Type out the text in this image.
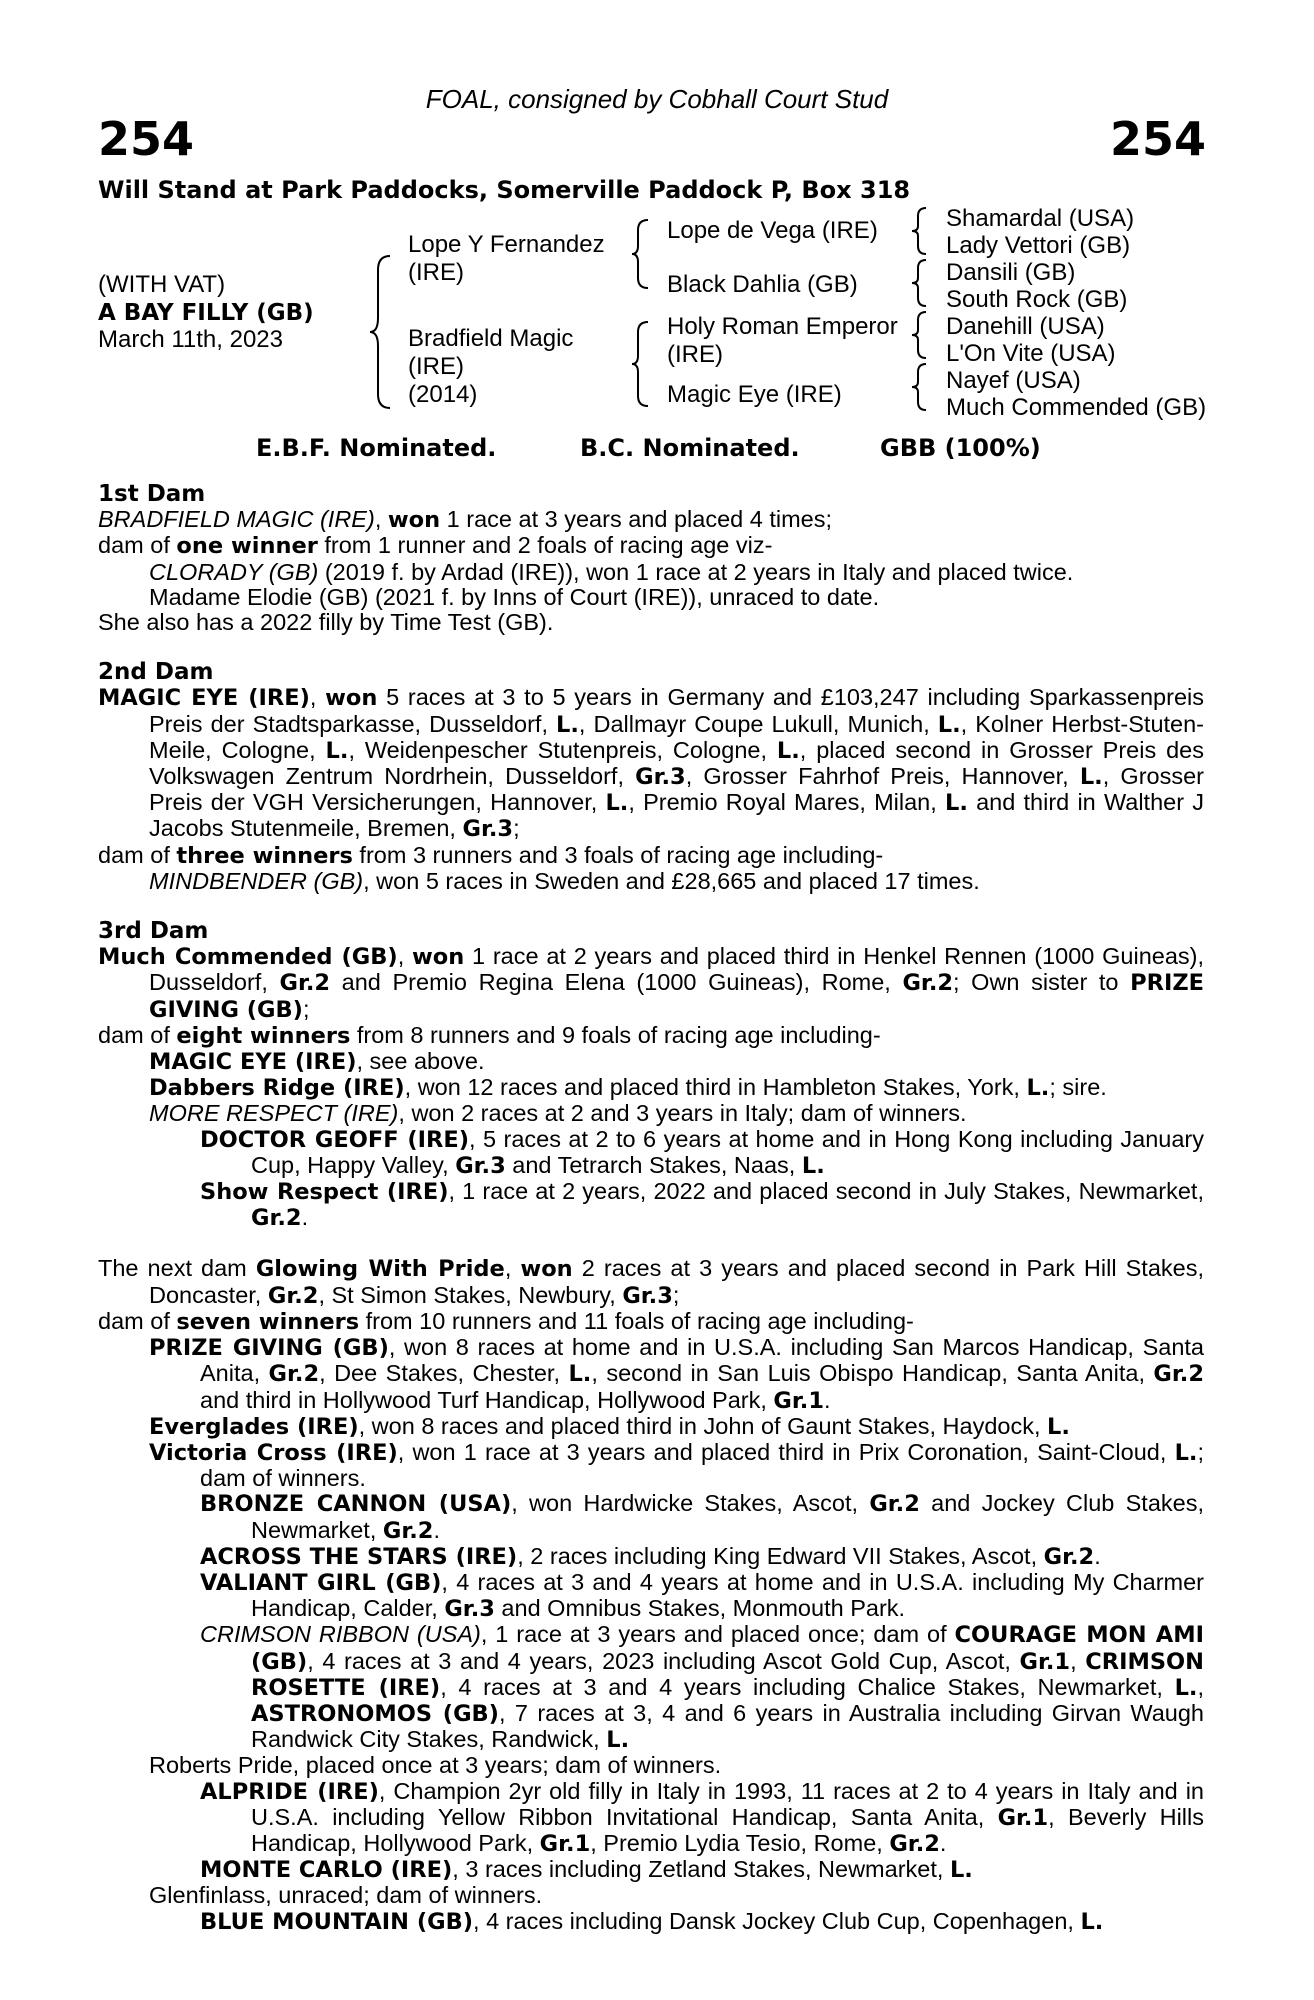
FOAL, consigned by Cobhall Court Stud
254	254
Will Stand at Park Paddocks, Somerville Paddock P, Box 318
(WITH VAT)
A BAY FILLY (GB)
March 11th, 2023
Lope Y Fernandez
(IRE)
Bradfield Magic
(IRE)
(2014)
Lope de Vega (IRE)
Black Dahlia (GB)
Holy Roman Emperor
(IRE)
Magic Eye (IRE)
Shamardal (USA)
Lady Vettori (GB)
Dansili (GB)
South Rock (GB)
Danehill (USA)
L'On Vite (USA)
Nayef (USA)
Much Commended (GB)
E.B.F. Nominated.	B.C. Nominated.	GBB (100%)

1st Dam

BRADFIELD MAGIC (IRE), won 1 race at 3 years and placed 4 times;

dam of one winner from 1 runner and 2 foals of racing age viz-

CLORADY (GB) (2019 f. by Ardad (IRE)), won 1 race at 2 years in Italy and placed twice.

Madame Elodie (GB) (2021 f. by Inns of Court (IRE)), unraced to date.

She also has a 2022 filly by Time Test (GB).

2nd Dam

MAGIC EYE (IRE), won 5 races at 3 to 5 years in Germany and £103,247 including Sparkassenpreis Preis der Stadtsparkasse, Dusseldorf, L., Dallmayr Coupe Lukull, Munich, L., Kolner Herbst-Stuten-Meile, Cologne, L., Weidenpescher Stutenpreis, Cologne, L., placed second in Grosser Preis des Volkswagen Zentrum Nordrhein, Dusseldorf, Gr.3, Grosser Fahrhof Preis, Hannover, L., Grosser Preis der VGH Versicherungen, Hannover, L., Premio Royal Mares, Milan, L. and third in Walther J Jacobs Stutenmeile, Bremen, Gr.3;

dam of three winners from 3 runners and 3 foals of racing age including-

MINDBENDER (GB), won 5 races in Sweden and £28,665 and placed 17 times.

3rd Dam

Much Commended (GB), won 1 race at 2 years and placed third in Henkel Rennen (1000 Guineas), Dusseldorf, Gr.2 and Premio Regina Elena (1000 Guineas), Rome, Gr.2; Own sister to PRIZE GIVING (GB);

dam of eight winners from 8 runners and 9 foals of racing age including-

MAGIC EYE (IRE), see above.

Dabbers Ridge (IRE), won 12 races and placed third in Hambleton Stakes, York, L.; sire.

MORE RESPECT (IRE), won 2 races at 2 and 3 years in Italy; dam of winners.

DOCTOR GEOFF (IRE), 5 races at 2 to 6 years at home and in Hong Kong including January Cup, Happy Valley, Gr.3 and Tetrarch Stakes, Naas, L.

Show Respect (IRE), 1 race at 2 years, 2022 and placed second in July Stakes, Newmarket, Gr.2.

The next dam Glowing With Pride, won 2 races at 3 years and placed second in Park Hill Stakes, Doncaster, Gr.2, St Simon Stakes, Newbury, Gr.3;

dam of seven winners from 10 runners and 11 foals of racing age including-

PRIZE GIVING (GB), won 8 races at home and in U.S.A. including San Marcos Handicap, Santa Anita, Gr.2, Dee Stakes, Chester, L., second in San Luis Obispo Handicap, Santa Anita, Gr.2 and third in Hollywood Turf Handicap, Hollywood Park, Gr.1.

Everglades (IRE), won 8 races and placed third in John of Gaunt Stakes, Haydock, L.

Victoria Cross (IRE), won 1 race at 3 years and placed third in Prix Coronation, Saint-Cloud, L.; dam of winners.

BRONZE CANNON (USA), won Hardwicke Stakes, Ascot, Gr.2 and Jockey Club Stakes, Newmarket, Gr.2.

ACROSS THE STARS (IRE), 2 races including King Edward VII Stakes, Ascot, Gr.2.

VALIANT GIRL (GB), 4 races at 3 and 4 years at home and in U.S.A. including My Charmer Handicap, Calder, Gr.3 and Omnibus Stakes, Monmouth Park.

CRIMSON RIBBON (USA), 1 race at 3 years and placed once; dam of COURAGE MON AMI (GB), 4 races at 3 and 4 years, 2023 including Ascot Gold Cup, Ascot, Gr.1, CRIMSON ROSETTE (IRE), 4 races at 3 and 4 years including Chalice Stakes, Newmarket, L., ASTRONOMOS (GB), 7 races at 3, 4 and 6 years in Australia including Girvan Waugh Randwick City Stakes, Randwick, L.

Roberts Pride, placed once at 3 years; dam of winners.

ALPRIDE (IRE), Champion 2yr old filly in Italy in 1993, 11 races at 2 to 4 years in Italy and in U.S.A. including Yellow Ribbon Invitational Handicap, Santa Anita, Gr.1, Beverly Hills Handicap, Hollywood Park, Gr.1, Premio Lydia Tesio, Rome, Gr.2.

MONTE CARLO (IRE), 3 races including Zetland Stakes, Newmarket, L.

Glenfinlass, unraced; dam of winners.

BLUE MOUNTAIN (GB), 4 races including Dansk Jockey Club Cup, Copenhagen, L.
